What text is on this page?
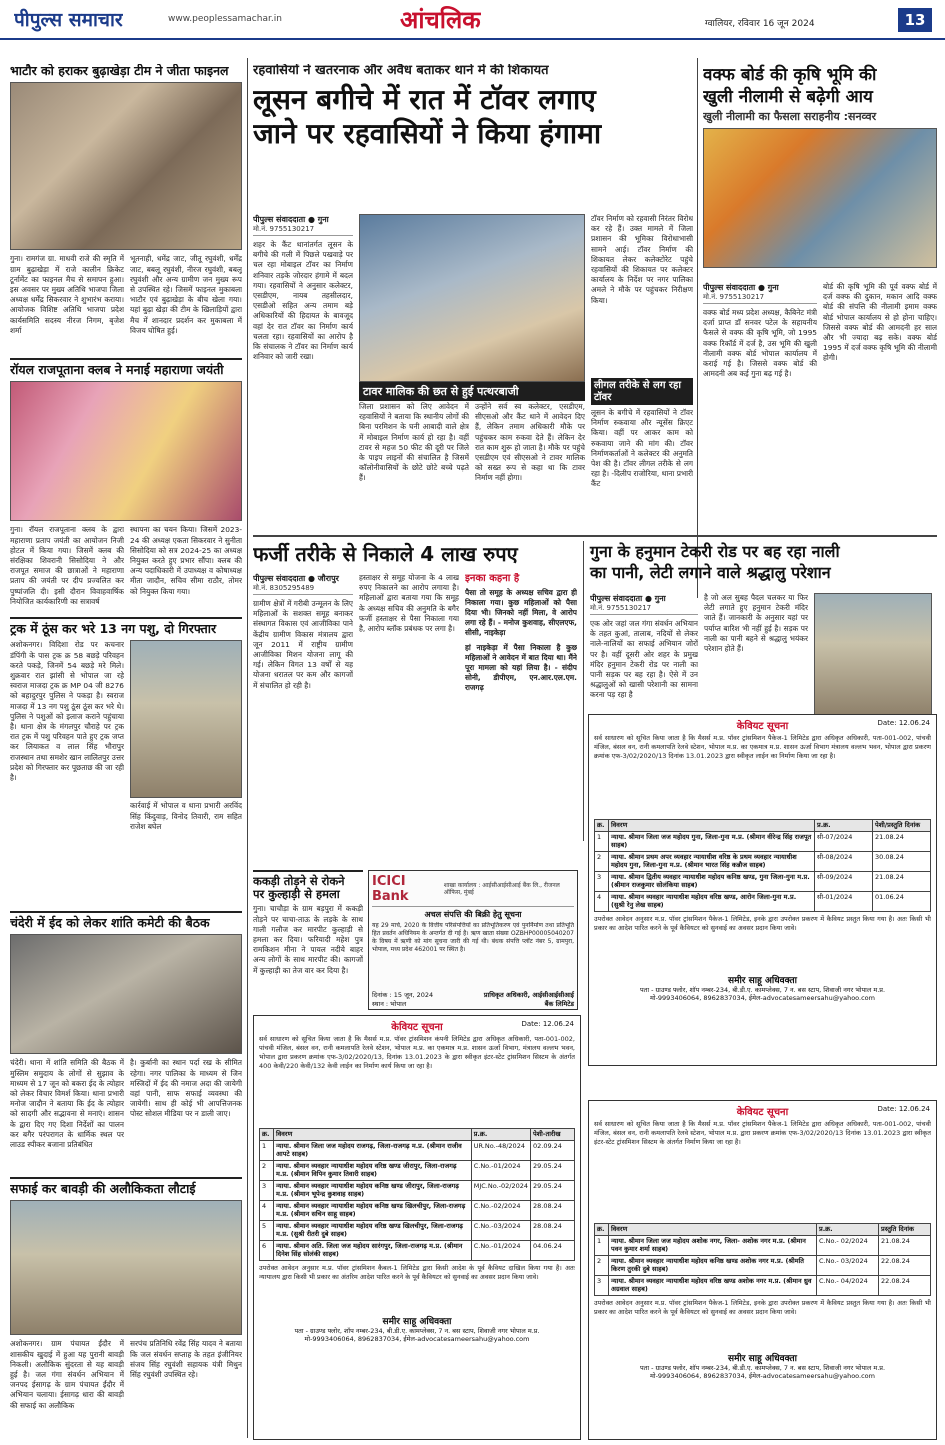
पीपुल्स समाचार	www.peoplessamachar.in	आंचलिक	ग्वालियर, रविवार 16 जून 2024	13
भाटौर को हराकर बुढ़ाखेड़ा टीम ने जीता फाइनल
गुना। रामगंज ग्रा. माधवी राजे की स्मृति में ग्राम बुढ़ाखेड़ा में राजे कालीन क्रिकेट टूर्नामेंट का फाइनल मैच से समापन हुआ। इस अवसर पर मुख्य अतिथि भाजपा जिला अध्यक्ष धर्मेंद्र सिकरवार ने शुभारंभ कराया। आयोजक विशिष्ट अतिथि भाजपा प्रदेश कार्यसमिति सदस्य नीरज निगम, बृजेश शर्मा
भूतनाही, धमेंद्र जाट, जीतू रघुवंशी, धर्मेंद्र जाट, बबलू रघुवंशी, नीरज रघुवंशी, बबलू रघुवंशी और अन्य ग्रामीण जन मुख्य रूप से उपस्थित रहे। जिसमें फाइनल मुकाबला भाटौर एवं बुढ़ाखेड़ा के बीच खेला गया। यहां बुढ़ा खेड़ा की टीम के खिलाड़ियों द्वारा मैच में शानदार प्रदर्शन कर मुकाबला में विजय घोषित हुई।
रॉयल राजपूताना क्लब ने मनाई महाराणा जयंती
गुना। रॉयल राजपूताना क्लब के द्वारा महाराणा प्रताप जयंती का आयोजन निजी होटल में किया गया। जिसमें क्लब की संरक्षिका शिवरानी सिसोदिया ने और राजपूत समाज की छात्राओं ने महाराणा प्रताप की जयंती पर दीप प्रज्वलित कर पुष्पांजलि दी। इसी दौरान विवाहवार्षिक नियोजित कार्यकारिणी का सत्रावर्ष
स्थापना का चयन किया। जिसमें 2023-24 की अध्यक्ष एकता सिकरवार ने सुनीता सिसोदिया को सत्र 2024-25 का अध्यक्ष नियुक्त करते हुए प्रभार सौंपा। क्लब की अन्य पदाधिकारी में उपाध्यक्ष व कोषाध्यक्ष मीता जादौन, सचिव सीमा राठौर, तोमर को नियुक्त किया गया।
ट्रक में ठूंस कर भरे 13 नग पशु, दो गिरफ्तार
अशोकनगर। विदिशा रोड पर कचनार डंपिंगी के पास ट्रक क्र 58 बछड़े परिवहन करते पकड़े, जिनमें 54 बछड़े मरे मिले। शुक्रवार रात झांसी से भोपाल जा रहे स्वराज माजदा ट्रक क्र MP 04 जी 8276 को बहादुरपुर पुलिस ने पकड़ा है। स्वराज माजदा में 13 नग पशु ठूंस ठूंस कर भरे थे। पुलिस ने पशुओं को इलाज कराने पहुंचाया है। थाना क्षेत्र के मंगलपुर चौराहे पर ट्रक रात ट्रक में पशु परिवहन पाते हुए ट्रक जप्त कर लियाकत व लाल सिंह भौरापुर राजस्थान तथा समशेर खान लालितपुर उत्तर प्रदेश को गिरफ्तार कर पूछताछ की जा रही है।
कार्रवाई में भोपाल व थाना प्रभारी अरविंद सिंह किंदुवाड़, विनोद तिवारी, राम सहित राजेश बघेल
चंदेरी में ईद को लेकर शांति कमेटी की बैठक
चंदेरी। थाना में शांति समिति की बैठक में मुस्लिम समुदाय के लोगों से सुझाव के माध्यम से 17 जून को बकरा ईद के त्योहार को लेकर विचार विमर्श किया। थाना प्रभारी मनोज जादौन ने बताया कि ईद के त्योहार को सादगी और सद्भावना से मनाएं। शासन के द्वारा दिए गए दिशा निर्देशों का पालन कर बगैर परंपरागत के धार्मिक स्थल पर लाउड स्पीकर बजाना प्रतिबंधित
है। कुर्बानी का स्थान पर्दा रख के सीमित रहेगा। नगर पालिका के माध्यम से जिन मस्जिदों में ईद की नमाज अदा की जायेगी वहां पानी, साफ सफाई व्यवस्था की जायेगी। साथ ही कोई भी आपत्तिजनक पोस्ट सोशल मीडिया पर न डाली जाए।
सफाई कर बावड़ी की अलौकिकता लौटाई
अशोकनगर। ग्राम पंचायत ईंदौर में शासकीय खुदाई में हुआ यह पुरानी बावड़ी निकली। अलौकिक सुंदरता से यह बावड़ी हुई है। जल गंगा संवर्धन अभियान में जनपद ईसागढ़ के ग्राम पंचायत ईंदौर में अभियान चलाया। ईसागढ़ धारा की बावड़ी की सफाई का अलौकिक
सरपंच प्रतिनिधि रवेंद्र सिंह यादव ने बताया कि जल संवर्धन सप्ताह के तहत इंजीनियर संजय सिंह रघुवंशी सहायक यंत्री मिथुन सिंह रघुवंशी उपस्थित रहे।
रहवासियों ने खतरनाक और अवैध बताकर थाने में की शिकायत
लूसन बगीचे में रात में टॉवर लगाए
जाने पर रहवासियों ने किया हंगामा
पीपुल्स संवाददाता ● गुना
मो.नं. 9755130217
शहर के कैंट थानांतर्गत लूसन के बगीचे की गली में पिछले पखवाड़े पर चल रहा मोबाइल टॉवर का निर्माण शनिवार तड़के जोरदार हंगामे में बदल गया। रहवासियों ने अनुसार कलेक्टर, एसडीएम, नायब तहसीलदार, एसडीओ सहित अन्य तमाम बड़े अधिकारियों की हिदायत के बावजूद वहां देर रात टॉवर का निर्माण कार्य चलता रहा। रहवासियों का आरोप है कि संचालक ने टॉवर का निर्माण कार्य शनिवार को जारी रखा।
टावर मालिक की छत से हुई पत्थरबाजी
जिला प्रशासन को लिए आवेदन में रहवासियों ने बताया कि स्थानीय लोगों की बिना परमिशन के घनी आबादी वाले क्षेत्र में मोबाइल निर्माण कार्य हो रहा है। वहीं टावर से महज 50 फीट की दूरी पर जिले के पाइप लाइनों की संचालित है जिसमें कॉलोनीवासियों के छोटे छोटे बच्चे पढ़ते हैं।
उन्होंने सर्व स्व कलेक्टर, एसडीएम, सीएसओ और कैंट थाने में आवेदन दिए हैं, लेकिन तमाम अधिकारी मौके पर पहुंचकर काम रुकवा देते हैं। लेकिन देर रात काम शुरू हो जाता है। मौके पर पहुंचे एसडीएम एवं सीएसओ ने टावर मालिक को सख्त रूप से कहा था कि टावर निर्माण नहीं होगा।
टॉवर निर्माण को रहवासी निरंतर विरोध कर रहे हैं। उक्त मामले में जिला प्रशासन की भूमिका विरोधाभासी सामने आई। टॉवर निर्माण की शिकायत लेकर कलेक्टोरेट पहुंचे रहवासियों की शिकायत पर कलेक्टर कार्यालय के निर्देश पर नगर पालिका अमले ने मौके पर पहुंचकर निरीक्षण किया।
लीगल तरीके से लग रहा टॉवर
लूसन के बगीचे में रहवासियों ने टॉवर निर्माण रुकवाया और न्यूसेंस क्रिएट किया। वहीं पर आकर काम को रुकवाया जाने की मांग की। टॉवर निर्माणकर्ताओं ने कलेक्टर की अनुमति पेश की है। टॉवर लीगल तरीके से लग रहा है। -दिलीप राजोरिया, थाना प्रभारी कैंट
वक्फ बोर्ड की कृषि भूमि की
खुली नीलामी से बढ़ेगी आय
खुली नीलामी का फैसला सराहनीय :सनव्वर
पीपुल्स संवाददाता ● गुना
मो.नं. 9755130217
वक्फ बोर्ड मध्य प्रदेश अध्यक्ष, कैबिनेट मंत्री दर्जा प्राप्त डॉ सनवर पटेल के सहायनीय फैसले से वक्फ की कृषि भूमि, जो 1995 वक्फ रिकॉर्ड में दर्ज है, उस भूमि की खुली नीलामी वक्फ बोर्ड भोपाल कार्यालय में कराई गई है। जिससे वक्फ बोर्ड की आमदनी अब कई गुना बढ़ गई है।
बोर्ड की कृषि भूमि की पूर्व वक्फ बोर्ड में दर्ज वक्फ की दुकान, मकान आदि वक्फ बोर्ड की संपत्ति की नीलामी इमाम वक्फ बोर्ड भोपाल कार्यालय से हो होना चाहिए। जिससे वक्फ बोर्ड की आमदनी हर साल और भी ज्यादा बढ़ सके। वक्फ बोर्ड 1995 में दर्ज वक्फ कृषि भूमि की नीलामी होगी।
फर्जी तरीके से निकाले 4 लाख रुपए
पीपुल्स संवाददाता ● जौरापुर
मो.नं. 8305295489
ग्रामीण क्षेत्रों में गरीबी उन्मूलन के लिए महिलाओं के सशक्त समूह बनाकर संस्थागत विकास एवं आजीविका पाने केंद्रीय ग्रामीण विकास मंत्रालय द्वारा जून 2011 में राष्ट्रीय ग्रामीण आजीविका मिशन योजना लागू की गई। लेकिन विगत 13 वर्षों से यह योजना धरातल पर कम और कागजों में संचालित हो रही है।
हस्ताक्षर से समूह योजना के 4 लाख रुपए निकालने का आरोप लगाया है। महिलाओं द्वारा बताया गया कि समूह के अध्यक्ष सचिव की अनुमति के बगैर फर्जी हस्ताक्षर से पैसा निकाला गया है, आरोप ब्लॉक प्रबंधक पर लगा है।
इनका कहना है
पैसा तो समूह के अध्यक्ष सचिव द्वारा ही निकाला गया। कुछ महिलाओं को पैसा दिया भी। जिनको नहीं मिला, वे आरोप लगा रहे हैं। - मनोज कुशवाह, सीएलएफ, सीसी, नाइकेड़ा
हां नाइकेड़ा में पैसा निकाला है कुछ महिलाओं ने आवेदन में बात दिया था। मैंने पूरा मामला को यहां लिया है। - संदीप सोनी, डीपीएम, एन.आर.एल.एम. राजगढ़
ककड़ी तोड़ने से रोकने
पर कुल्हाड़ी से हमला
गुना। चाचौड़ा के ग्राम बड़पुरा में ककड़ी तोड़ने पर चाचा-ताऊ के लड़के के साथ गाली गलौज कर मारपीट कुल्हाड़ी से हमला कर दिया। फरियादी महेश पुत्र रामकिशन मीना ने पायल नदीये बाहर अन्य लोगों के साथ मारपीट की। कागजों में कुल्हाड़ी का तेज वार कर दिया है।
ICICI Bank
शाखा कार्यालय : आईसीआईसीआई बैंक लि., रीजनल ऑफिस, मुंबई
अचल संपत्ति की बिक्री हेतु सूचना
यह 29 मार्च, 2020 के वित्तीय परिसंपत्तियों का प्रतिभूतिकरण एवं पुनर्निर्माण तथा प्रतिभूति हित प्रवर्तन अधिनियम के अन्तर्गत दी गई है। ऋण खाता संख्या OZBHP00005040207 के विषय में ऋणी को मांग सूचना जारी की गई थी। बंधक संपत्ति प्लॉट नंबर 5, ग्रामपुरा, भोपाल, मध्य प्रदेश 462001 पर स्थित है।
दिनांक : 15 जून, 2024
स्थान : भोपाल
प्राधिकृत अधिकारी, आईसीआईसीआई बैंक लिमिटेड
गुना के हनुमान टेकरी रोड पर बह रहा नाली
का पानी, लेटी लगाने वाले श्रद्धालु परेशान
पीपुल्स संवाददाता ● गुना
मो.नं. 9755130217
एक ओर जहां जल गंगा संवर्धन अभियान के तहत कुआं, तालाब, नदियों से लेकर नाले-नालियों का सफाई अभियान जोरों पर है। वहीं दूसरी ओर शहर के प्रमुख मंदिर हनुमान टेकरी रोड पर नाली का पानी सड़क पर बह रहा है। ऐसे में उन श्रद्धालुओं को खासी परेशानी का सामना करना पड़ रहा है
है जो अल सुबह पैदल चलकर या फिर लेटी लगाते हुए हनुमान टेकरी मंदिर जाते हैं। जानकारी के अनुसार यहां पर पर्याप्त बारिश भी नहीं हुई है। सड़क पर नाली का पानी बहने से श्रद्धालु भयंकर परेशान होते हैं।
केवियट सूचना	Date: 12.06.24
सर्व साधारण को सूचित किया जाता है कि मैसर्स म.प्र. पॉवर ट्रांसमिशन पैकेज-1 लिमिटेड द्वारा अधिकृत अधिकारी, पता-001-002, पांचवी मंजिल, बंसल वन, रानी कमलापति रेलवे स्टेशन, भोपाल म.प्र. का एकमात्र म.प्र. शासन ऊर्जा विभाग मंत्रालय वल्लभ भवन, भोपाल द्वारा प्रकरण क्रमांक एफ-3/02/2020/13 दिनांक 13.01.2023 द्वारा स्वीकृत लाईन का निर्माण किया जा रहा है।
क्र.	विवरण	प्र.क्र.	पेशी/प्रस्तुति दिनांक
1	न्याया. श्रीमान जिला जज महोदय गुना, जिला-गुना म.प्र. (श्रीमान वीरेन्द्र सिंह राजपूत साहब)	सी-07/2024	21.08.24
2	न्याया. श्रीमान प्रथम अपर व्यवहार न्यायाधीश वरिष्ठ के प्रथम व्यवहार न्यायाधीश महोदय गुना, जिला-गुना म.प्र. (श्रीमान भारत सिंह कन्नौज साहब)	सी-08/2024	30.08.24
3	न्याया. श्रीमान द्वितीय व्यवहार न्यायाधीश महोदय कनिष्ठ खण्ड, गुना जिला-गुना म.प्र. (श्रीमान राजकुमार सोलंकिया साहब)	सी-09/2024	21.08.24
4	न्याया. श्रीमान व्यवहार न्यायाधीश महोदय वरिष्ठ खण्ड, आरोन जिला-गुना म.प्र. (सुश्री रेनु लेख साहब)	सी-01/2024	01.06.24
उपरोक्त आवेदन अनुसार म.प्र. पॉवर ट्रांसमिशन पैकेज-1 लिमिटेड, इनके द्वारा उपरोक्त प्रकरण में कैवियट प्रस्तुत किया गया है। अतः किसी भी प्रकार का आदेश पारित करने के पूर्व कैवियटर को सुनवाई का अवसर प्रदान किया जावे।
समीर साहू अधिवक्ता
पता - ग्राउण्ड फ्लोर, शॉप नम्बर-234, बी.डी.ए. कामप्लेक्स, 7 न. बस स्टाप, शिवाजी नगर भोपाल म.प्र.
मो-9993406064, 8962837034, ईमेल-advocatesameersahu@yahoo.com
केवियट सूचना	Date: 12.06.24
सर्व साधारण को सूचित किया जाता है कि मैसर्स म.प्र. पॉवर ट्रांसमिशन कंपनी लिमिटेड द्वारा अधिकृत अधिकारी, पता-001-002, पांचवी मंजिल, बंसल वन, रानी कमलापति रेलवे स्टेशन, भोपाल म.प्र. का एकमात्र म.प्र. शासन ऊर्जा विभाग, मंत्रालय वल्लभ भवन, भोपाल द्वारा प्रकरण क्रमांक एफ-3/02/2020/13, दिनांक 13.01.2023 के द्वारा स्वीकृत इंटर-स्टेट ट्रांसमिशन सिस्टम के अंतर्गत 400 केवी/220 केवी/132 केवी लाईन का निर्माण कार्य किया जा रहा है।
क्र.	विवरण	प्र.क्र.	पेशी-तारीख
1	न्याया. श्रीमान जिला जज महोदय राजगढ़, जिला-राजगढ़ म.प्र. (श्रीमान राजीव आपटे साहब)	UR.No.-48/2024	02.09.24
2	न्याया. श्रीमान व्यवहार न्यायाधीश महोदय वरिष्ठ खण्ड जीरापुर, जिला-राजगढ़ म.प्र. (श्रीमान विपिन कुमार तिवारी साहब)	C.No.-01/2024	29.05.24
3	न्याया. श्रीमान व्यवहार न्यायाधीश महोदय कनिष्ठ खण्ड जीरापुर, जिला-राजगढ़ म.प्र. (श्रीमान भूपेन्द्र कुशवाह साहब)	MJC.No.-02/2024	29.05.24
4	न्याया. श्रीमान व्यवहार न्यायाधीश महोदय कनिष्ठ खण्ड खिलचीपुर, जिला-राजगढ़ म.प्र. (श्रीमान सचिन साहू साहब)	C.No.-02/2024	28.08.24
5	न्याया. श्रीमान व्यवहार न्यायाधीश महोदय वरिष्ठ खण्ड खिलचीपुर, जिला-राजगढ़ म.प्र. (सुश्री रीतरी दुबे साहब)	C.No.-03/2024	28.08.24
6	न्याया. श्रीमान अति. जिला जज महोदय सारंगपुर, जिला-राजगढ़ म.प्र. (श्रीमान दिनेश सिंह सोलंकी साहब)	C.No.-01/2024	04.06.24
उपरोक्त आवेदन अनुसार म.प्र. पॉवर ट्रांसमिशन कैबल-1 लिमिटेड द्वारा किसी आदेश के पूर्व कैवियट दाखिल किया गया है। अतः न्यायालय द्वारा किसी भी प्रकार का अंतरिम आदेश पारित करने के पूर्व कैवियटर को सुनवाई का अवसर प्रदान किया जावे।
समीर साहू अधिवक्ता
पता - ग्राउण्ड फ्लोर, शॉप नम्बर-234, बी.डी.ए. कामप्लेक्स, 7 न. बस स्टाप, शिवाजी नगर भोपाल म.प्र.
मो-9993406064, 8962837034, ईमेल-advocatesameersahu@yahoo.com
केवियट सूचना	Date: 12.06.24
सर्व साधारण को सूचित किया जाता है कि मैसर्स म.प्र. पॉवर ट्रांसमिशन पैकेज-1 लिमिटेड द्वारा अधिकृत अधिकारी, पता-001-002, पांचवी मंजिल, बंसल वन, रानी कमलापति रेलवे स्टेशन, भोपाल म.प्र. द्वारा प्रकरण क्रमांक एफ-3/02/2020/13 दिनांक 13.01.2023 द्वारा स्वीकृत इंटर-स्टेट ट्रांसमिशन सिस्टम के अंतर्गत निर्माण किया जा रहा है।
क्र.	विवरण	प्र.क्र.	प्रस्तुति दिनांक
1	न्याया. श्रीमान जिला जज महोदय अशोक नगर, जिला- अशोक नगर म.प्र. (श्रीमान पवन कुमार शर्मा साहब)	C.No.- 02/2024	21.08.24
2	न्याया. श्रीमान व्यवहार न्यायाधीश महोदय कनिष्ठ खण्ड अशोक नगर म.प्र. (श्रीमति किरण तुरकी दुबे साहब)	C.No.- 03/2024	22.08.24
3	न्याया. श्रीमान व्यवहार न्यायाधीश महोदय वरिष्ठ खण्ड अशोक नगर म.प्र. (श्रीमान ध्रुव अग्रवाल साहब)	C.No.- 04/2024	22.08.24
उपरोक्त आवेदन अनुसार म.प्र. पॉवर ट्रांसमिशन पैकेज-1 लिमिटेड, इनके द्वारा उपरोक्त प्रकरण में कैवियट प्रस्तुत किया गया है। अतः किसी भी प्रकार का आदेश पारित करने के पूर्व कैवियटर को सुनवाई का अवसर प्रदान किया जावे।
समीर साहू अधिवक्ता
पता - ग्राउण्ड फ्लोर, शॉप नम्बर-234, बी.डी.ए. कामप्लेक्स, 7 न. बस स्टाप, शिवाजी नगर भोपाल म.प्र.
मो-9993406064, 8962837034, ईमेल-advocatesameersahu@yahoo.com
